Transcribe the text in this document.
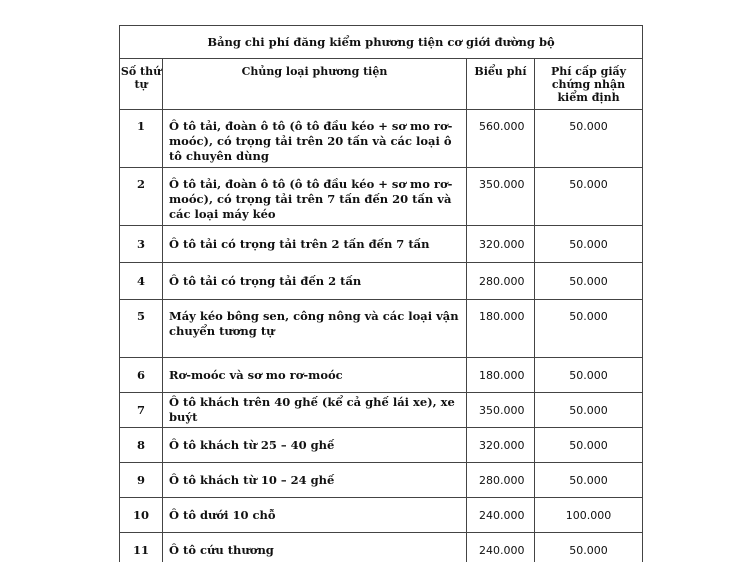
Bảng chi phí đăng kiểm phương tiện cơ giới đường bộ			
Số thứ tự	Chủng loại phương tiện	Biểu phí	Phí cấp giấy chứng nhận kiểm định
1	Ô tô tải, đoàn ô tô (ô tô đầu kéo + sơ mo rơ-moóc), có trọng tải trên 20 tấn và các loại ô tô chuyên dùng	560.000	50.000
2	Ô tô tải, đoàn ô tô (ô tô đầu kéo + sơ mo rơ-moóc), có trọng tải trên 7 tấn đến 20 tấn và các loại máy kéo	350.000	50.000
3	Ô tô tải có trọng tải trên 2 tấn đến 7 tấn	320.000	50.000
4	Ô tô tải có trọng tải đến 2 tấn	280.000	50.000
5	Máy kéo bông sen, công nông và các loại vận chuyển tương tự	180.000	50.000
6	Rơ-moóc và sơ mo rơ-moóc	180.000	50.000
7	Ô tô khách trên 40 ghế (kể cả ghế lái xe), xe buýt	350.000	50.000
8	Ô tô khách từ 25 – 40 ghế	320.000	50.000
9	Ô tô khách từ 10 – 24 ghế	280.000	50.000
10	Ô tô dưới 10 chỗ	240.000	100.000
11	Ô tô cứu thương	240.000	50.000
